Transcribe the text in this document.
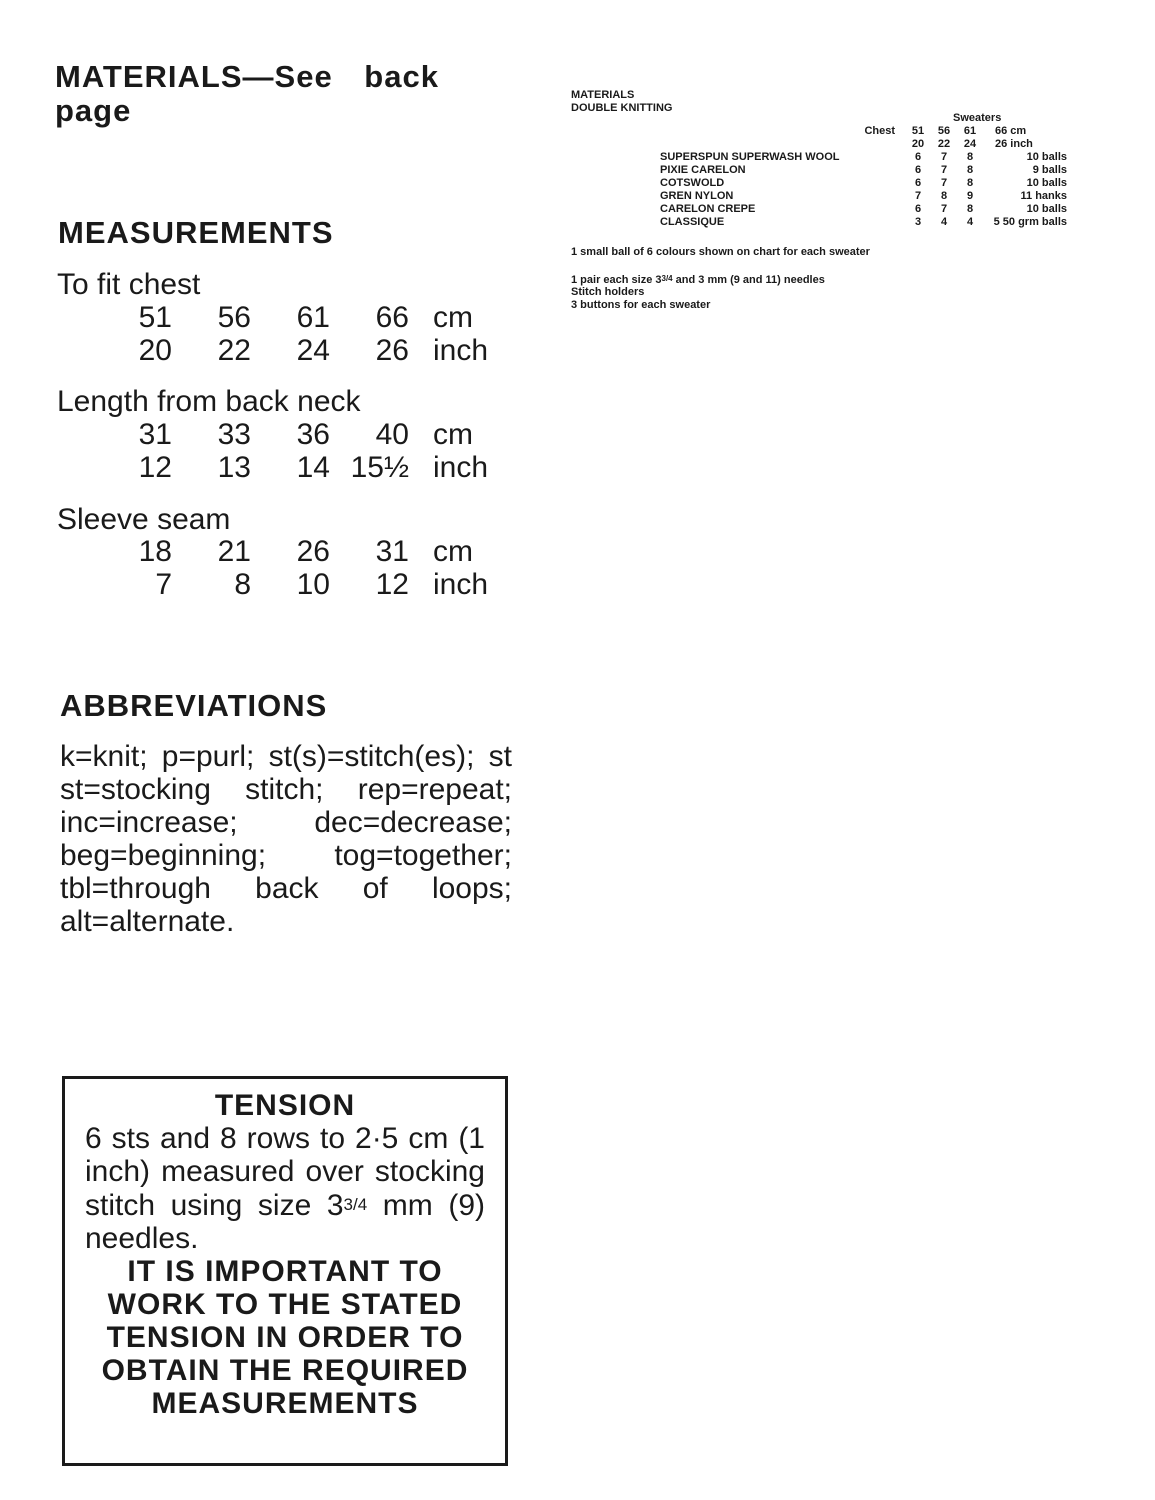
MATERIALS—See back page
MEASUREMENTS
To fit chest
51	56	61	66	cm
20	22	24	26	inch
Length from back neck
31	33	36	40	cm
12	13	14	15½	inch
Sleeve seam
18	21	26	31	cm
7	8	10	12	inch
ABBREVIATIONS

k=knit; p=purl; st(s)=stitch(es); st st=stocking stitch; rep=repeat; inc=increase; dec=decrease; beg=beginning; tog=together; tbl=through back of loops; alt=alternate.

TENSION
6 sts and 8 rows to 2·5 cm (1 inch) measured over stocking stitch using size 33/4 mm (9) needles.
IT IS IMPORTANT TO WORK TO THE STATED TENSION IN ORDER TO OBTAIN THE REQUIRED MEASUREMENTS
MATERIALS
DOUBLE KNITTING
		Sweaters		
Chest	51	56	61	66 cm
	20	22	24	26 inch
SUPERSPUN SUPERWASH WOOL	6	7	8	10 balls
PIXIE CARELON	6	7	8	9 balls
COTSWOLD	6	7	8	10 balls
GREN NYLON	7	8	9	11 hanks
CARELON CREPE	6	7	8	10 balls
CLASSIQUE	3	4	4	5 50 grm balls
1 small ball of 6 colours shown on chart for each sweater
1 pair each size 33/4 and 3 mm (9 and 11) needles
Stitch holders
3 buttons for each sweater
